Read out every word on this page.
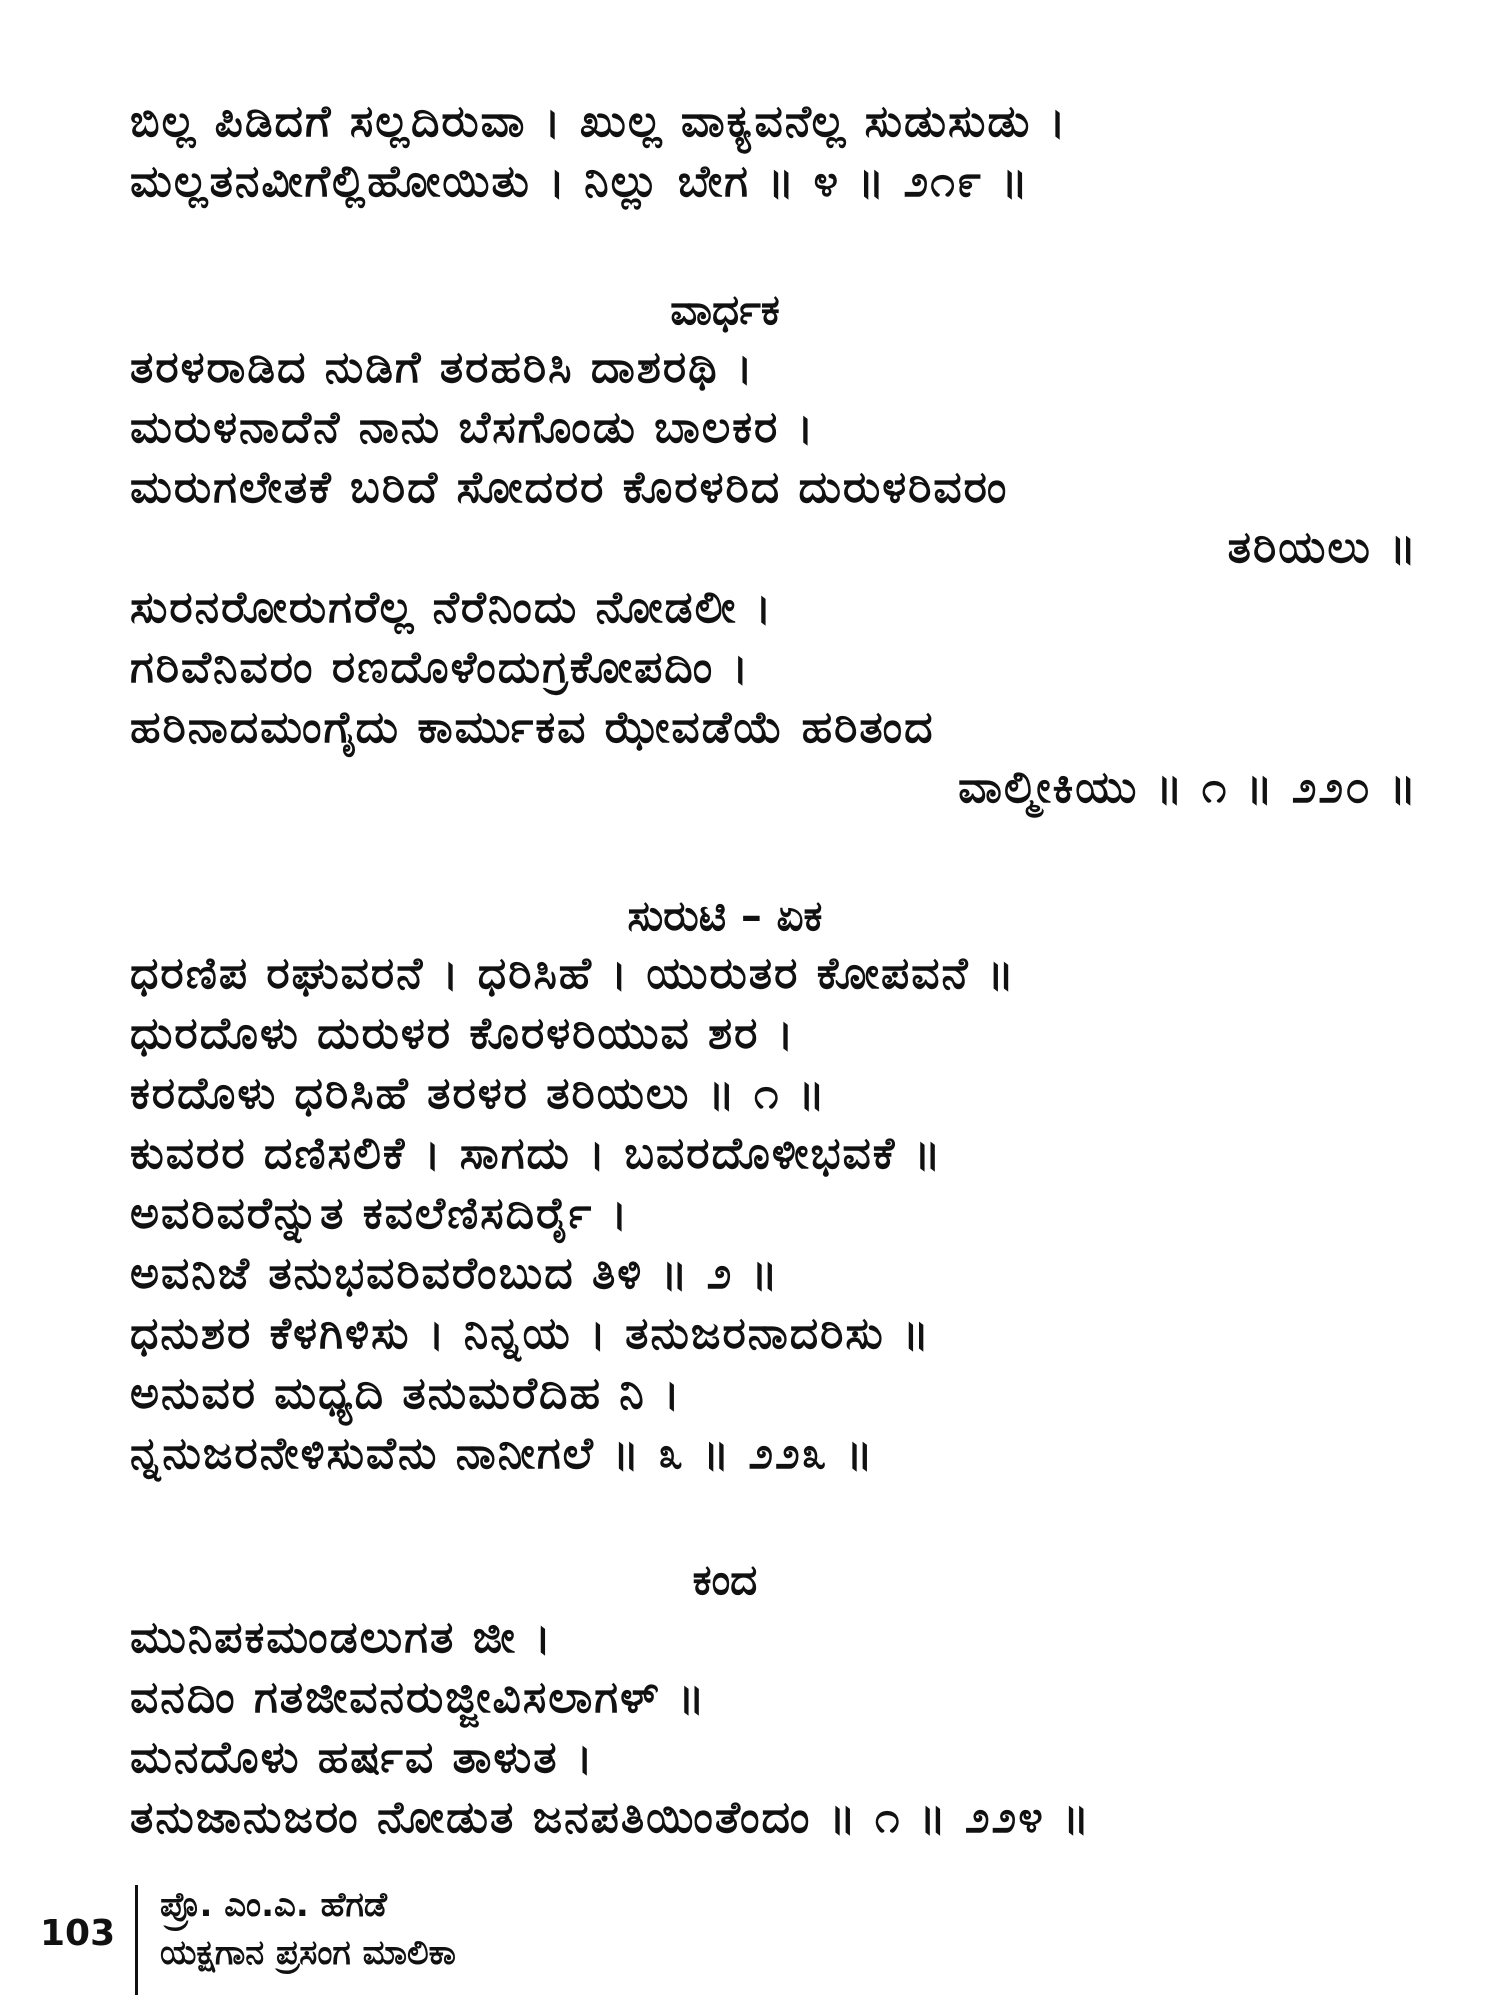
ಬಿಲ್ಲ ಪಿಡಿದಗೆ ಸಲ್ಲದಿರುವಾ । ಖುಲ್ಲ ವಾಕ್ಯವನೆಲ್ಲ ಸುಡುಸುಡು ।
ಮಲ್ಲತನವೀಗೆಲ್ಲಿಹೋಯಿತು । ನಿಲ್ಲು ಬೇಗ ॥ ೪ ॥ ೨೧೯ ॥
ವಾರ್ಧಕ
ತರಳರಾಡಿದ ನುಡಿಗೆ ತರಹರಿಸಿ ದಾಶರಥಿ ।
ಮರುಳನಾದೆನೆ ನಾನು ಬೆಸಗೊಂಡು ಬಾಲಕರ ।
ಮರುಗಲೇತಕೆ ಬರಿದೆ ಸೋದರರ ಕೊರಳರಿದ ದುರುಳರಿವರಂ
ತರಿಯಲು ॥
ಸುರನರೋರುಗರೆಲ್ಲ ನೆರೆನಿಂದು ನೋಡಲೀ ।
ಗರಿವೆನಿವರಂ ರಣದೊಳೆಂದುಗ್ರಕೋಪದಿಂ ।
ಹರಿನಾದಮಂಗೈದು ಕಾರ್ಮುಕವ ಝೇವಡೆಯೆ ಹರಿತಂದ
ವಾಲ್ಮೀಕಿಯು ॥ ೧ ॥ ೨೨೦ ॥
ಸುರುಟಿ – ಏಕ
ಧರಣಿಪ ರಘುವರನೆ । ಧರಿಸಿಹೆ । ಯುರುತರ ಕೋಪವನೆ ॥
ಧುರದೊಳು ದುರುಳರ ಕೊರಳರಿಯುವ ಶರ ।
ಕರದೊಳು ಧರಿಸಿಹೆ ತರಳರ ತರಿಯಲು ॥ ೧ ॥
ಕುವರರ ದಣಿಸಲಿಕೆ । ಸಾಗದು । ಬವರದೊಳೀಭವಕೆ ॥
ಅವರಿವರೆನ್ನುತ ಕವಲೆಣಿಸದಿರ್ರೈ ।
ಅವನಿಜೆ ತನುಭವರಿವರೆಂಬುದ ತಿಳಿ ॥ ೨ ॥
ಧನುಶರ ಕೆಳಗಿಳಿಸು । ನಿನ್ನಯ । ತನುಜರನಾದರಿಸು ॥
ಅನುವರ ಮಧ್ಯದಿ ತನುಮರೆದಿಹ ನಿ ।
ನ್ನನುಜರನೇಳಿಸುವೆನು ನಾನೀಗಲೆ ॥ ೩ ॥ ೨೨೩ ॥
ಕಂದ
ಮುನಿಪಕಮಂಡಲುಗತ ಜೀ ।
ವನದಿಂ ಗತಜೀವನರುಜ್ಜೀವಿಸಲಾಗಳ್ ॥
ಮನದೊಳು ಹರ್ಷವ ತಾಳುತ ।
ತನುಜಾನುಜರಂ ನೋಡುತ ಜನಪತಿಯಿಂತೆಂದಂ ॥ ೧ ॥ ೨೨೪ ॥
103
ಪ್ರೊ. ಎಂ.ಎ. ಹೆಗಡೆ
ಯಕ್ಷಗಾನ ಪ್ರಸಂಗ ಮಾಲಿಕಾ
